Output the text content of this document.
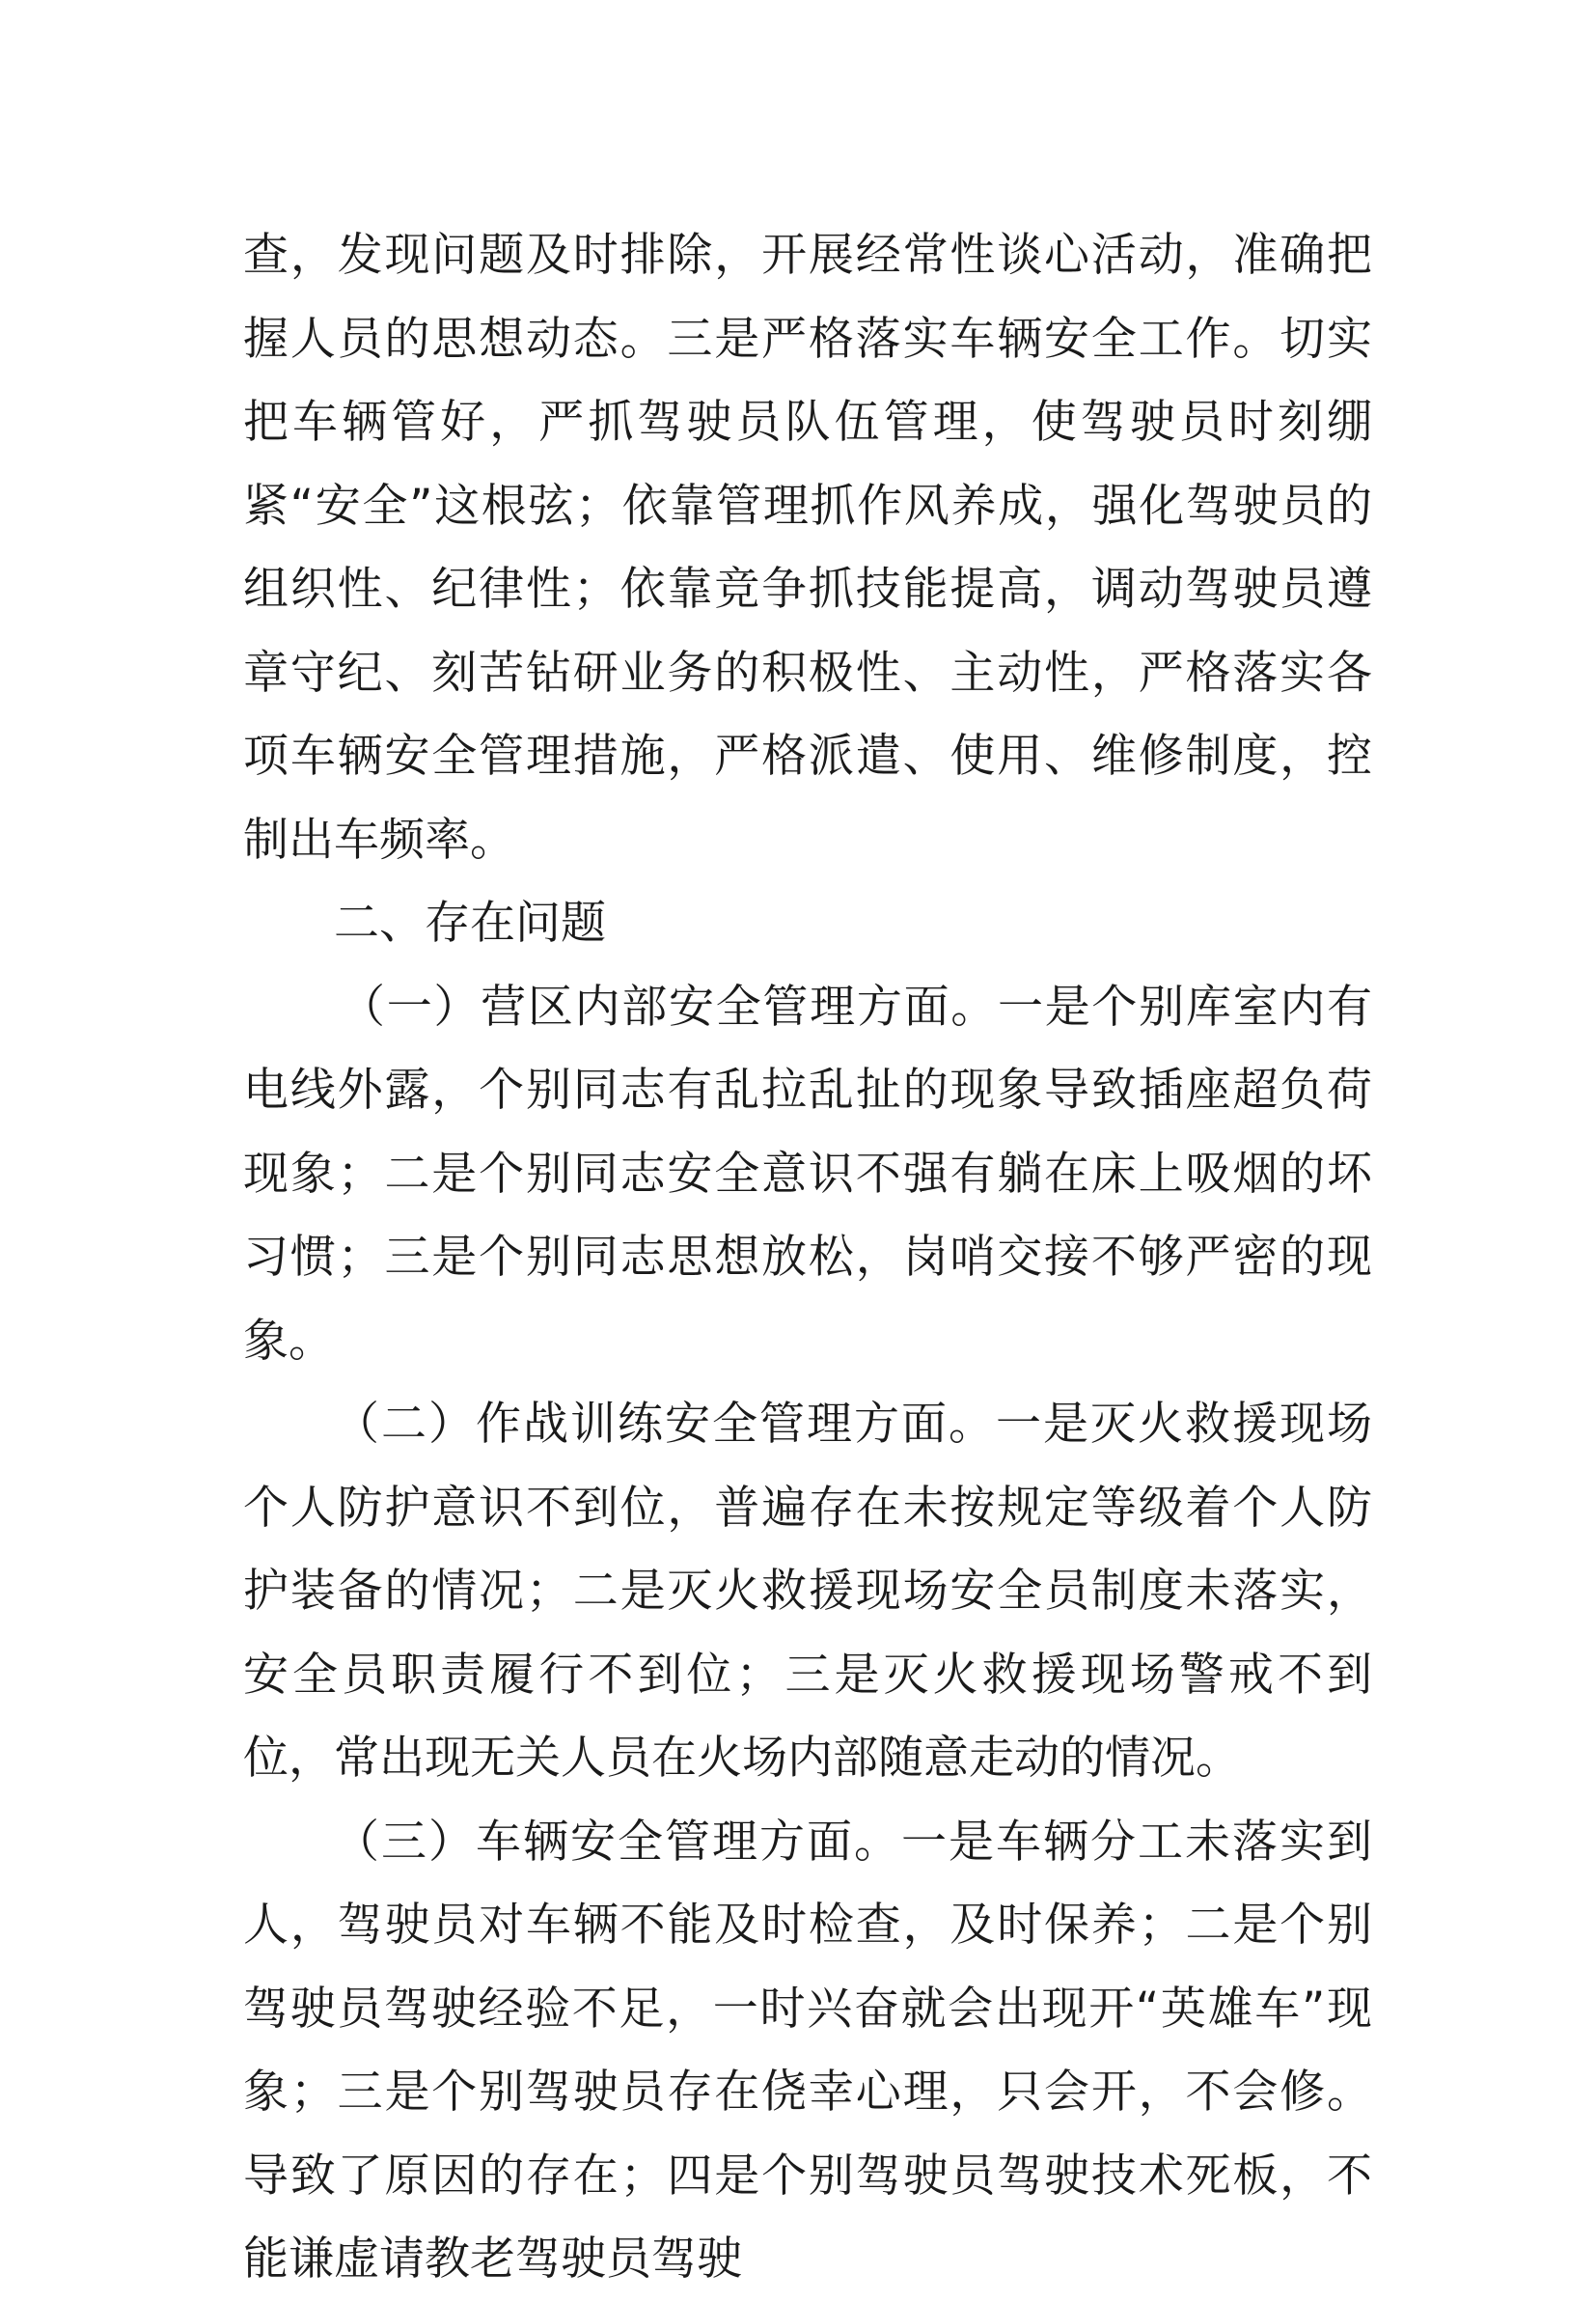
查，发现问题及时排除，开展经常性谈心活动，准确把握人员的思想动态。三是严格落实车辆安全工作。切实把车辆管好，严抓驾驶员队伍管理，使驾驶员时刻绷紧“安全”这根弦；依靠管理抓作风养成，强化驾驶员的组织性、纪律性；依靠竞争抓技能提高，调动驾驶员遵章守纪、刻苦钻研业务的积极性、主动性，严格落实各项车辆安全管理措施，严格派遣、使用、维修制度，控制出车频率。

二、存在问题

（一）营区内部安全管理方面。一是个别库室内有电线外露，个别同志有乱拉乱扯的现象导致插座超负荷现象；二是个别同志安全意识不强有躺在床上吸烟的坏习惯；三是个别同志思想放松，岗哨交接不够严密的现象。

（二）作战训练安全管理方面。一是灭火救援现场个人防护意识不到位，普遍存在未按规定等级着个人防护装备的情况；二是灭火救援现场安全员制度未落实，安全员职责履行不到位；三是灭火救援现场警戒不到位，常出现无关人员在火场内部随意走动的情况。

（三）车辆安全管理方面。一是车辆分工未落实到人，驾驶员对车辆不能及时检查，及时保养；二是个别驾驶员驾驶经验不足，一时兴奋就会出现开“英雄车”现象；三是个别驾驶员存在侥幸心理，只会开，不会修。导致了原因的存在；四是个别驾驶员驾驶技术死板，不能谦虚请教老驾驶员驾驶
